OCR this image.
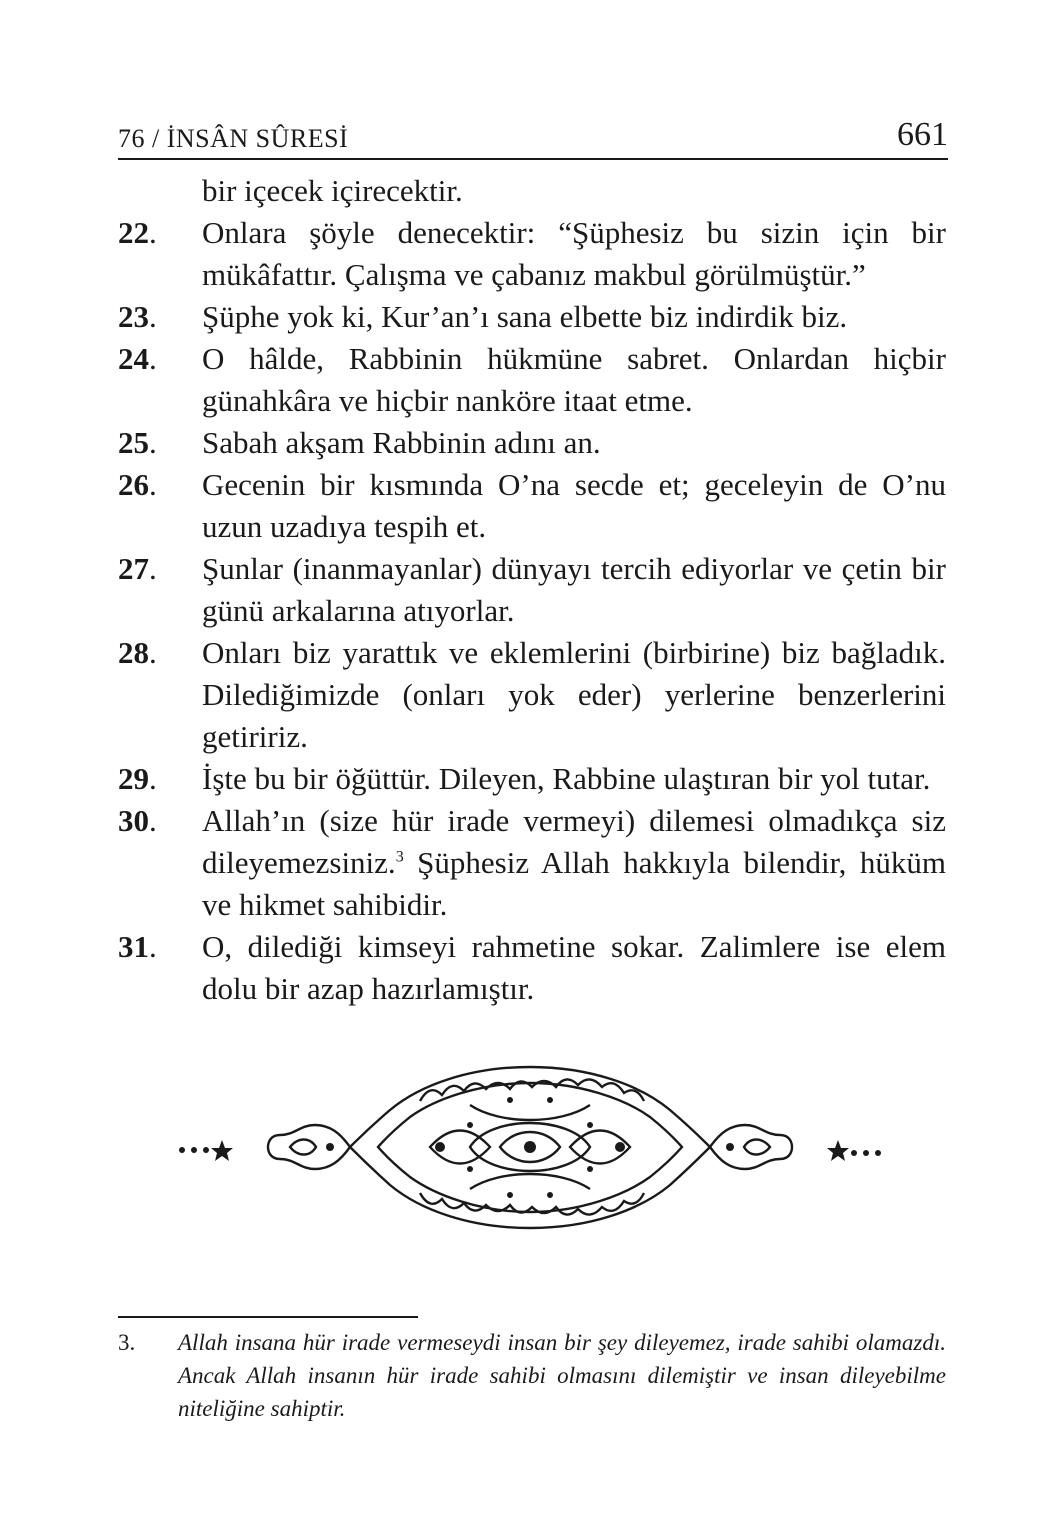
76 / İNSÂN SÛRESİ	661
bir içecek içirecektir.
22.	Onlara şöyle denecektir: “Şüphesiz bu sizin için bir mükâfattır. Çalışma ve çabanız makbul görülmüştür.”
23.	Şüphe yok ki, Kur’an’ı sana elbette biz indirdik biz.
24.	O hâlde, Rabbinin hükmüne sabret. Onlardan hiçbir günahkâra ve hiçbir nankörе itaat etme.
25.	Sabah akşam Rabbinin adını an.
26.	Gecenin bir kısmında O’na secde et; geceleyin de O’nu uzun uzadıya tespih et.
27.	Şunlar (inanmayanlar) dünyayı tercih ediyorlar ve çetin bir günü arkalarına atıyorlar.
28.	Onları biz yarattık ve eklemlerini (birbirine) biz bağladık. Dilediğimizde (onları yok eder) yerlerine benzerlerini getiririz.
29.	İşte bu bir öğüttür. Dileyen, Rabbine ulaştıran bir yol tutar.
30.	Allah’ın (size hür irade vermeyi) dilemesi olmadıkça siz dileyemezsiniz.$^3$ Şüphesiz Allah hakkıyla bilendir, hüküm ve hikmet sahibidir.
31.	O, dilediği kimseyi rahmetine sokar. Zalimlere ise elem dolu bir azap hazırlamıştır.
3.	Allah insana hür irade vermeseydi insan bir şey dileyemez, irade sahibi olamazdı. Ancak Allah insanın hür irade sahibi olmasını dilemiştir ve insan dileyebilme niteliğine sahiptir.
